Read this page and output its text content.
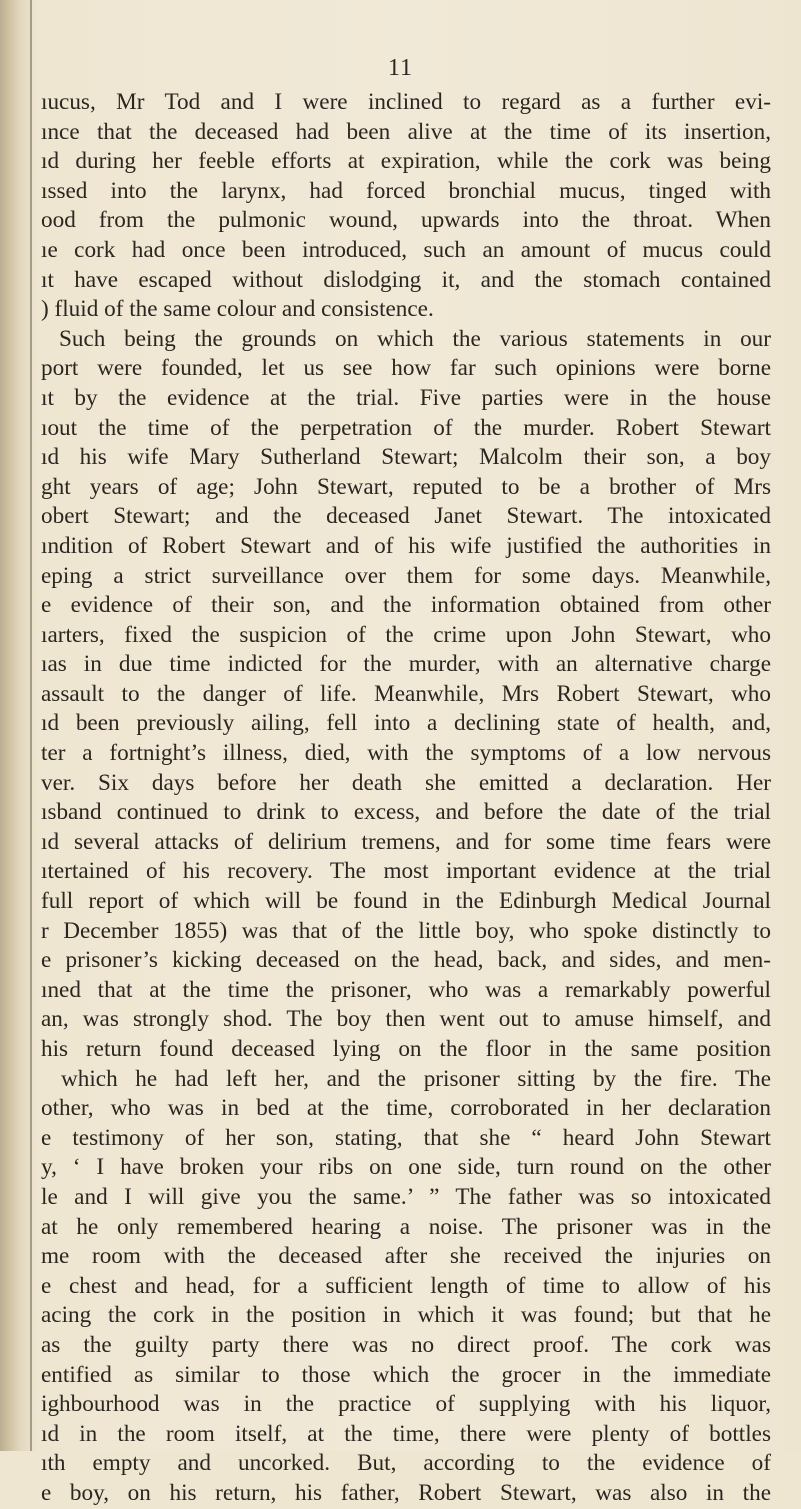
11
ıucus, Mr Tod and I were inclined to regard as a further evi-
ınce that the deceased had been alive at the time of its insertion,
ıd during her feeble efforts at expiration, while the cork was being
ıssed into the larynx, had forced bronchial mucus, tinged with
ood from the pulmonic wound, upwards into the throat. When
ıe cork had once been introduced, such an amount of mucus could
ıt have escaped without dislodging it, and the stomach contained
) fluid of the same colour and consistence.
Such being the grounds on which the various statements in our
port were founded, let us see how far such opinions were borne
ıt by the evidence at the trial. Five parties were in the house
ıout the time of the perpetration of the murder. Robert Stewart
ıd his wife Mary Sutherland Stewart; Malcolm their son, a boy
ght years of age; John Stewart, reputed to be a brother of Mrs
obert Stewart; and the deceased Janet Stewart. The intoxicated
ındition of Robert Stewart and of his wife justified the authorities in
eping a strict surveillance over them for some days. Meanwhile,
e evidence of their son, and the information obtained from other
ıarters, fixed the suspicion of the crime upon John Stewart, who
ıas in due time indicted for the murder, with an alternative charge
assault to the danger of life. Meanwhile, Mrs Robert Stewart, who
ıd been previously ailing, fell into a declining state of health, and,
ter a fortnight’s illness, died, with the symptoms of a low nervous
ver. Six days before her death she emitted a declaration. Her
ısband continued to drink to excess, and before the date of the trial
ıd several attacks of delirium tremens, and for some time fears were
ıtertained of his recovery. The most important evidence at the trial
full report of which will be found in the Edinburgh Medical Journal
r December 1855) was that of the little boy, who spoke distinctly to
e prisoner’s kicking deceased on the head, back, and sides, and men-
ıned that at the time the prisoner, who was a remarkably powerful
an, was strongly shod. The boy then went out to amuse himself, and
his return found deceased lying on the floor in the same position
which he had left her, and the prisoner sitting by the fire. The
other, who was in bed at the time, corroborated in her declaration
e testimony of her son, stating, that she “ heard John Stewart
y, ‘ I have broken your ribs on one side, turn round on the other
le and I will give you the same.’ ” The father was so intoxicated
at he only remembered hearing a noise. The prisoner was in the
me room with the deceased after she received the injuries on
e chest and head, for a sufficient length of time to allow of his
acing the cork in the position in which it was found; but that he
as the guilty party there was no direct proof. The cork was
entified as similar to those which the grocer in the immediate
ighbourhood was in the practice of supplying with his liquor,
ıd in the room itself, at the time, there were plenty of bottles
ıth empty and uncorked. But, according to the evidence of
e boy, on his return, his father, Robert Stewart, was also in the
